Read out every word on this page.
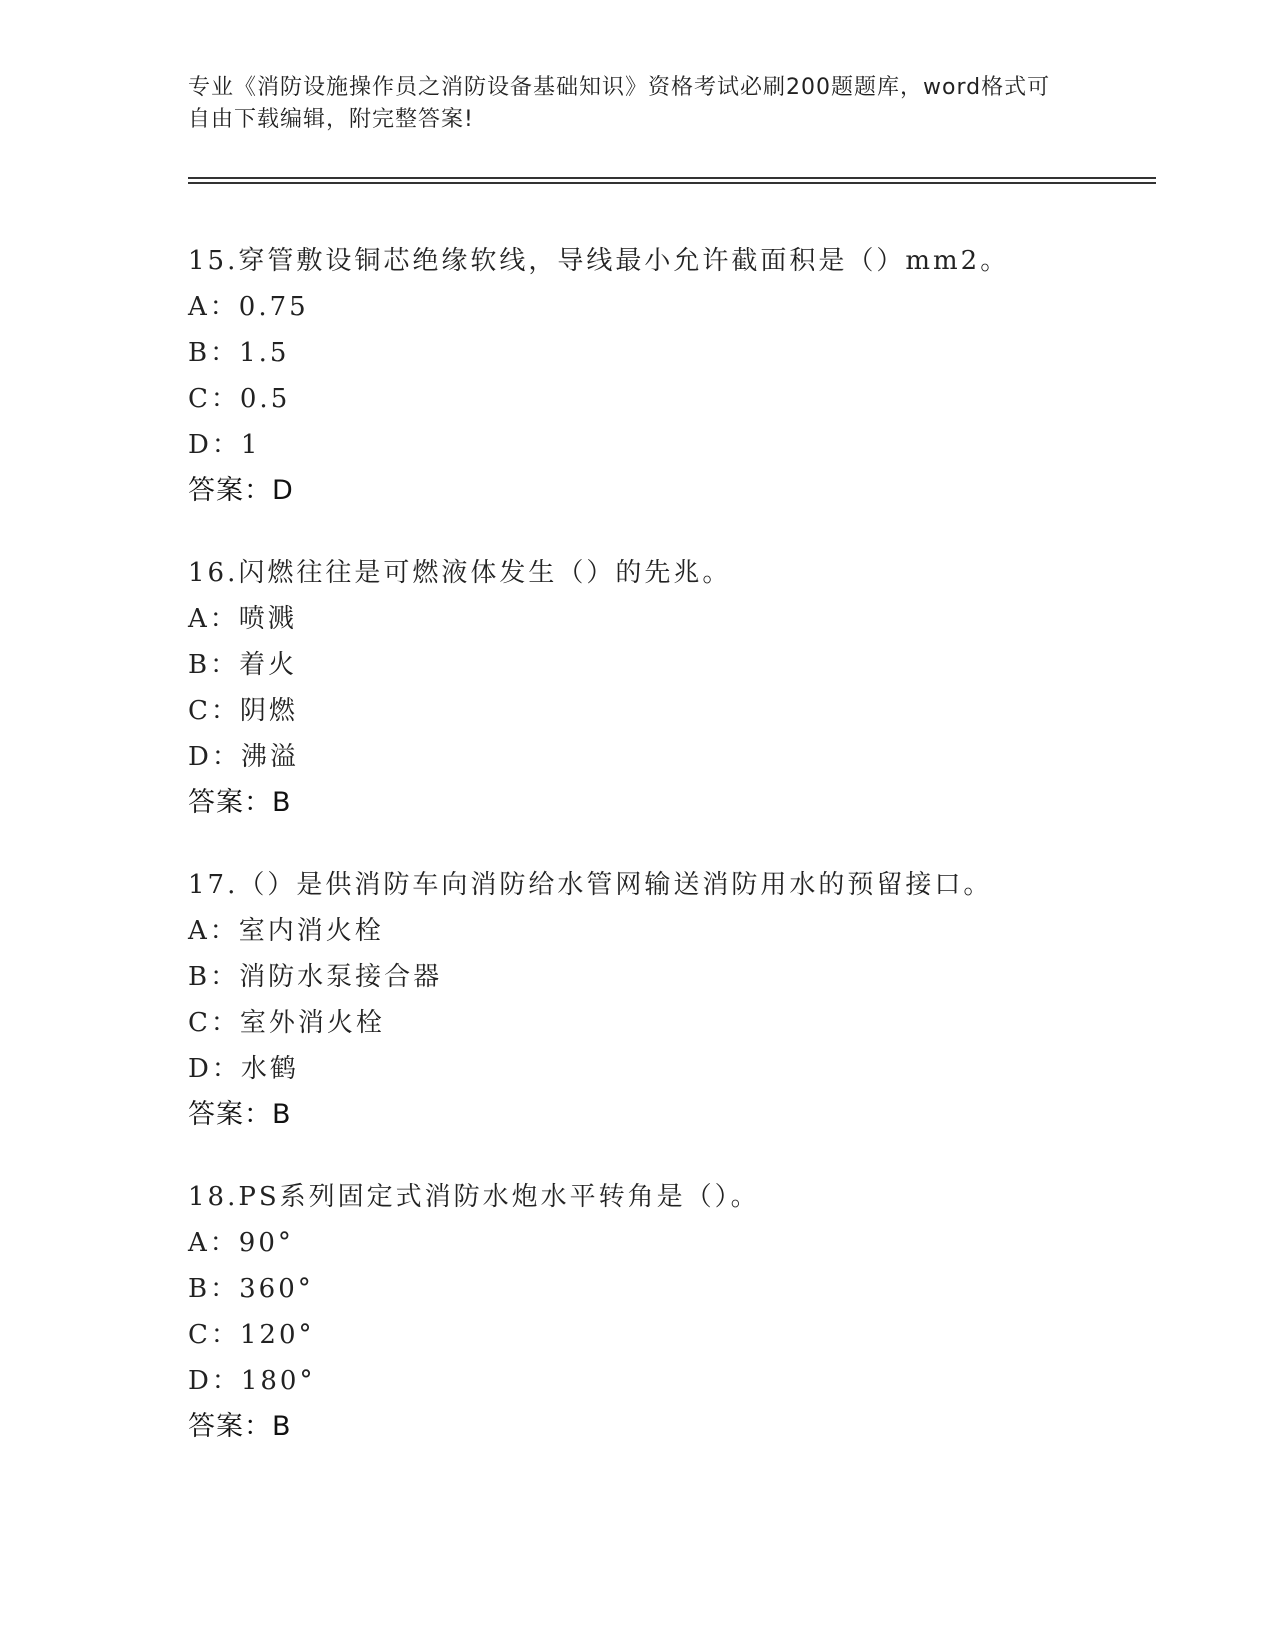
专业《消防设施操作员之消防设备基础知识》资格考试必刷200题题库，word格式可自由下载编辑，附完整答案!
15.穿管敷设铜芯绝缘软线，导线最小允许截面积是（）mm2。
A：0.75
B：1.5
C：0.5
D：1
答案：D
16.闪燃往往是可燃液体发生（）的先兆。
A：喷溅
B：着火
C：阴燃
D：沸溢
答案：B
17.（）是供消防车向消防给水管网输送消防用水的预留接口。
A：室内消火栓
B：消防水泵接合器
C：室外消火栓
D：水鹤
答案：B
18.PS系列固定式消防水炮水平转角是（）。
A：90°
B：360°
C：120°
D：180°
答案：B
